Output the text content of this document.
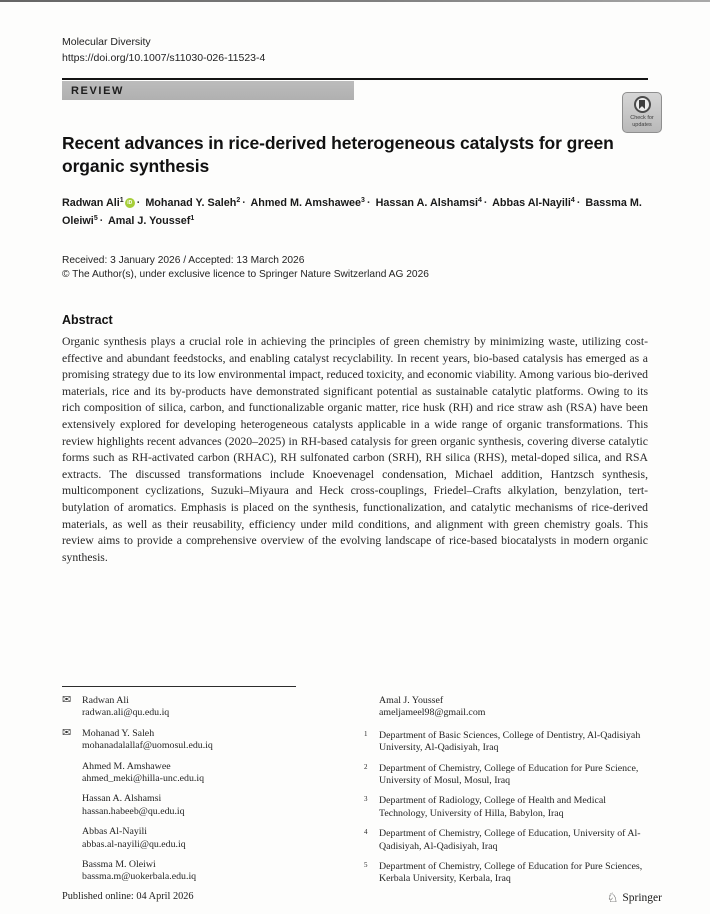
Molecular Diversity
https://doi.org/10.1007/s11030-026-11523-4
REVIEW
Check for
updates
Recent advances in rice-derived heterogeneous catalysts for green organic synthesis
Radwan Ali$^1$ iD · Mohanad Y. Saleh$^2$ · Ahmed M. Amshawee$^3$ · Hassan A. Alshamsi$^4$ · Abbas Al-Nayili$^4$ · Bassma M. Oleiwi$^5$ · Amal J. Youssef$^1$
Received: 3 January 2026 / Accepted: 13 March 2026
© The Author(s), under exclusive licence to Springer Nature Switzerland AG 2026
Abstract

Organic synthesis plays a crucial role in achieving the principles of green chemistry by minimizing waste, utilizing cost-effective and abundant feedstocks, and enabling catalyst recyclability. In recent years, bio-based catalysis has emerged as a promising strategy due to its low environmental impact, reduced toxicity, and economic viability. Among various bio-derived materials, rice and its by-products have demonstrated significant potential as sustainable catalytic platforms. Owing to its rich composition of silica, carbon, and functionalizable organic matter, rice husk (RH) and rice straw ash (RSA) have been extensively explored for developing heterogeneous catalysts applicable in a wide range of organic transformations. This review highlights recent advances (2020–2025) in RH-based catalysis for green organic synthesis, covering diverse catalytic forms such as RH-activated carbon (RHAC), RH sulfonated carbon (SRH), RH silica (RHS), metal-doped silica, and RSA extracts. The discussed transformations include Knoevenagel condensation, Michael addition, Hantzsch synthesis, multicomponent cyclizations, Suzuki–Miyaura and Heck cross-couplings, Friedel–Crafts alkylation, benzylation, tert-butylation of aromatics. Emphasis is placed on the synthesis, functionalization, and catalytic mechanisms of rice-derived materials, as well as their reusability, efficiency under mild conditions, and alignment with green chemistry goals. This review aims to provide a comprehensive overview of the evolving landscape of rice-based biocatalysts in modern organic synthesis.

✉ Radwan Ali
radwan.ali@qu.edu.iq
✉ Mohanad Y. Saleh
mohanadalallaf@uomosul.edu.iq
Ahmed M. Amshawee
ahmed_meki@hilla-unc.edu.iq
Hassan A. Alshamsi
hassan.habeeb@qu.edu.iq
Abbas Al-Nayili
abbas.al-nayili@qu.edu.iq
Bassma M. Oleiwi
bassma.m@uokerbala.edu.iq
Amal J. Youssef
ameljameel98@gmail.com
1 Department of Basic Sciences, College of Dentistry, Al-Qadisiyah University, Al-Qadisiyah, Iraq
2 Department of Chemistry, College of Education for Pure Science, University of Mosul, Mosul, Iraq
3 Department of Radiology, College of Health and Medical Technology, University of Hilla, Babylon, Iraq
4 Department of Chemistry, College of Education, University of Al-Qadisiyah, Al-Qadisiyah, Iraq
5 Department of Chemistry, College of Education for Pure Sciences, Kerbala University, Kerbala, Iraq
Published online: 04 April 2026	♘ Springer
